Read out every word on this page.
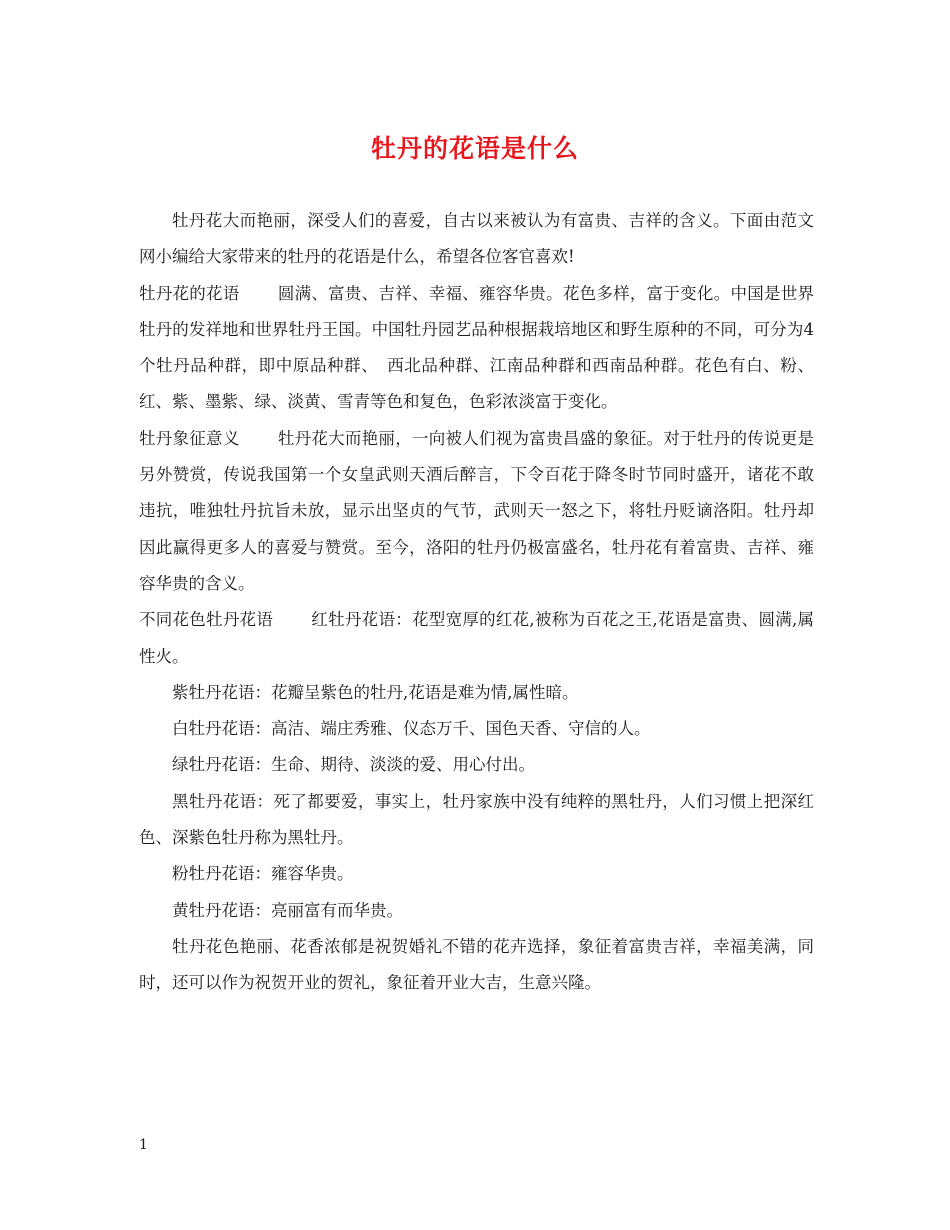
牡丹的花语是什么

牡丹花大而艳丽，深受人们的喜爱，自古以来被认为有富贵、吉祥的含义。下面由范文网小编给大家带来的牡丹的花语是什么，希望各位客官喜欢!

牡丹花的花语 圆满、富贵、吉祥、幸福、雍容华贵。花色多样，富于变化。中国是世界牡丹的发祥地和世界牡丹王国。中国牡丹园艺品种根据栽培地区和野生原种的不同，可分为4个牡丹品种群，即中原品种群、　西北品种群、江南品种群和西南品种群。花色有白、粉、红、紫、墨紫、绿、淡黄、雪青等色和复色，色彩浓淡富于变化。

牡丹象征意义 牡丹花大而艳丽，一向被人们视为富贵昌盛的象征。对于牡丹的传说更是另外赞赏，传说我国第一个女皇武则天酒后醉言，下令百花于降冬时节同时盛开，诸花不敢违抗，唯独牡丹抗旨未放，显示出坚贞的气节，武则天一怒之下，将牡丹贬谪洛阳。牡丹却因此赢得更多人的喜爱与赞赏。至今，洛阳的牡丹仍极富盛名，牡丹花有着富贵、吉祥、雍容华贵的含义。

不同花色牡丹花语 红牡丹花语：花型宽厚的红花,被称为百花之王,花语是富贵、圆满,属性火。

紫牡丹花语：花瓣呈紫色的牡丹,花语是难为情,属性暗。

白牡丹花语：高洁、端庄秀雅、仪态万千、国色天香、守信的人。

绿牡丹花语：生命、期待、淡淡的爱、用心付出。

黑牡丹花语：死了都要爱，事实上，牡丹家族中没有纯粹的黑牡丹，人们习惯上把深红色、深紫色牡丹称为黑牡丹。

粉牡丹花语：雍容华贵。

黄牡丹花语：亮丽富有而华贵。

牡丹花色艳丽、花香浓郁是祝贺婚礼不错的花卉选择，象征着富贵吉祥，幸福美满，同时，还可以作为祝贺开业的贺礼，象征着开业大吉，生意兴隆。

1
